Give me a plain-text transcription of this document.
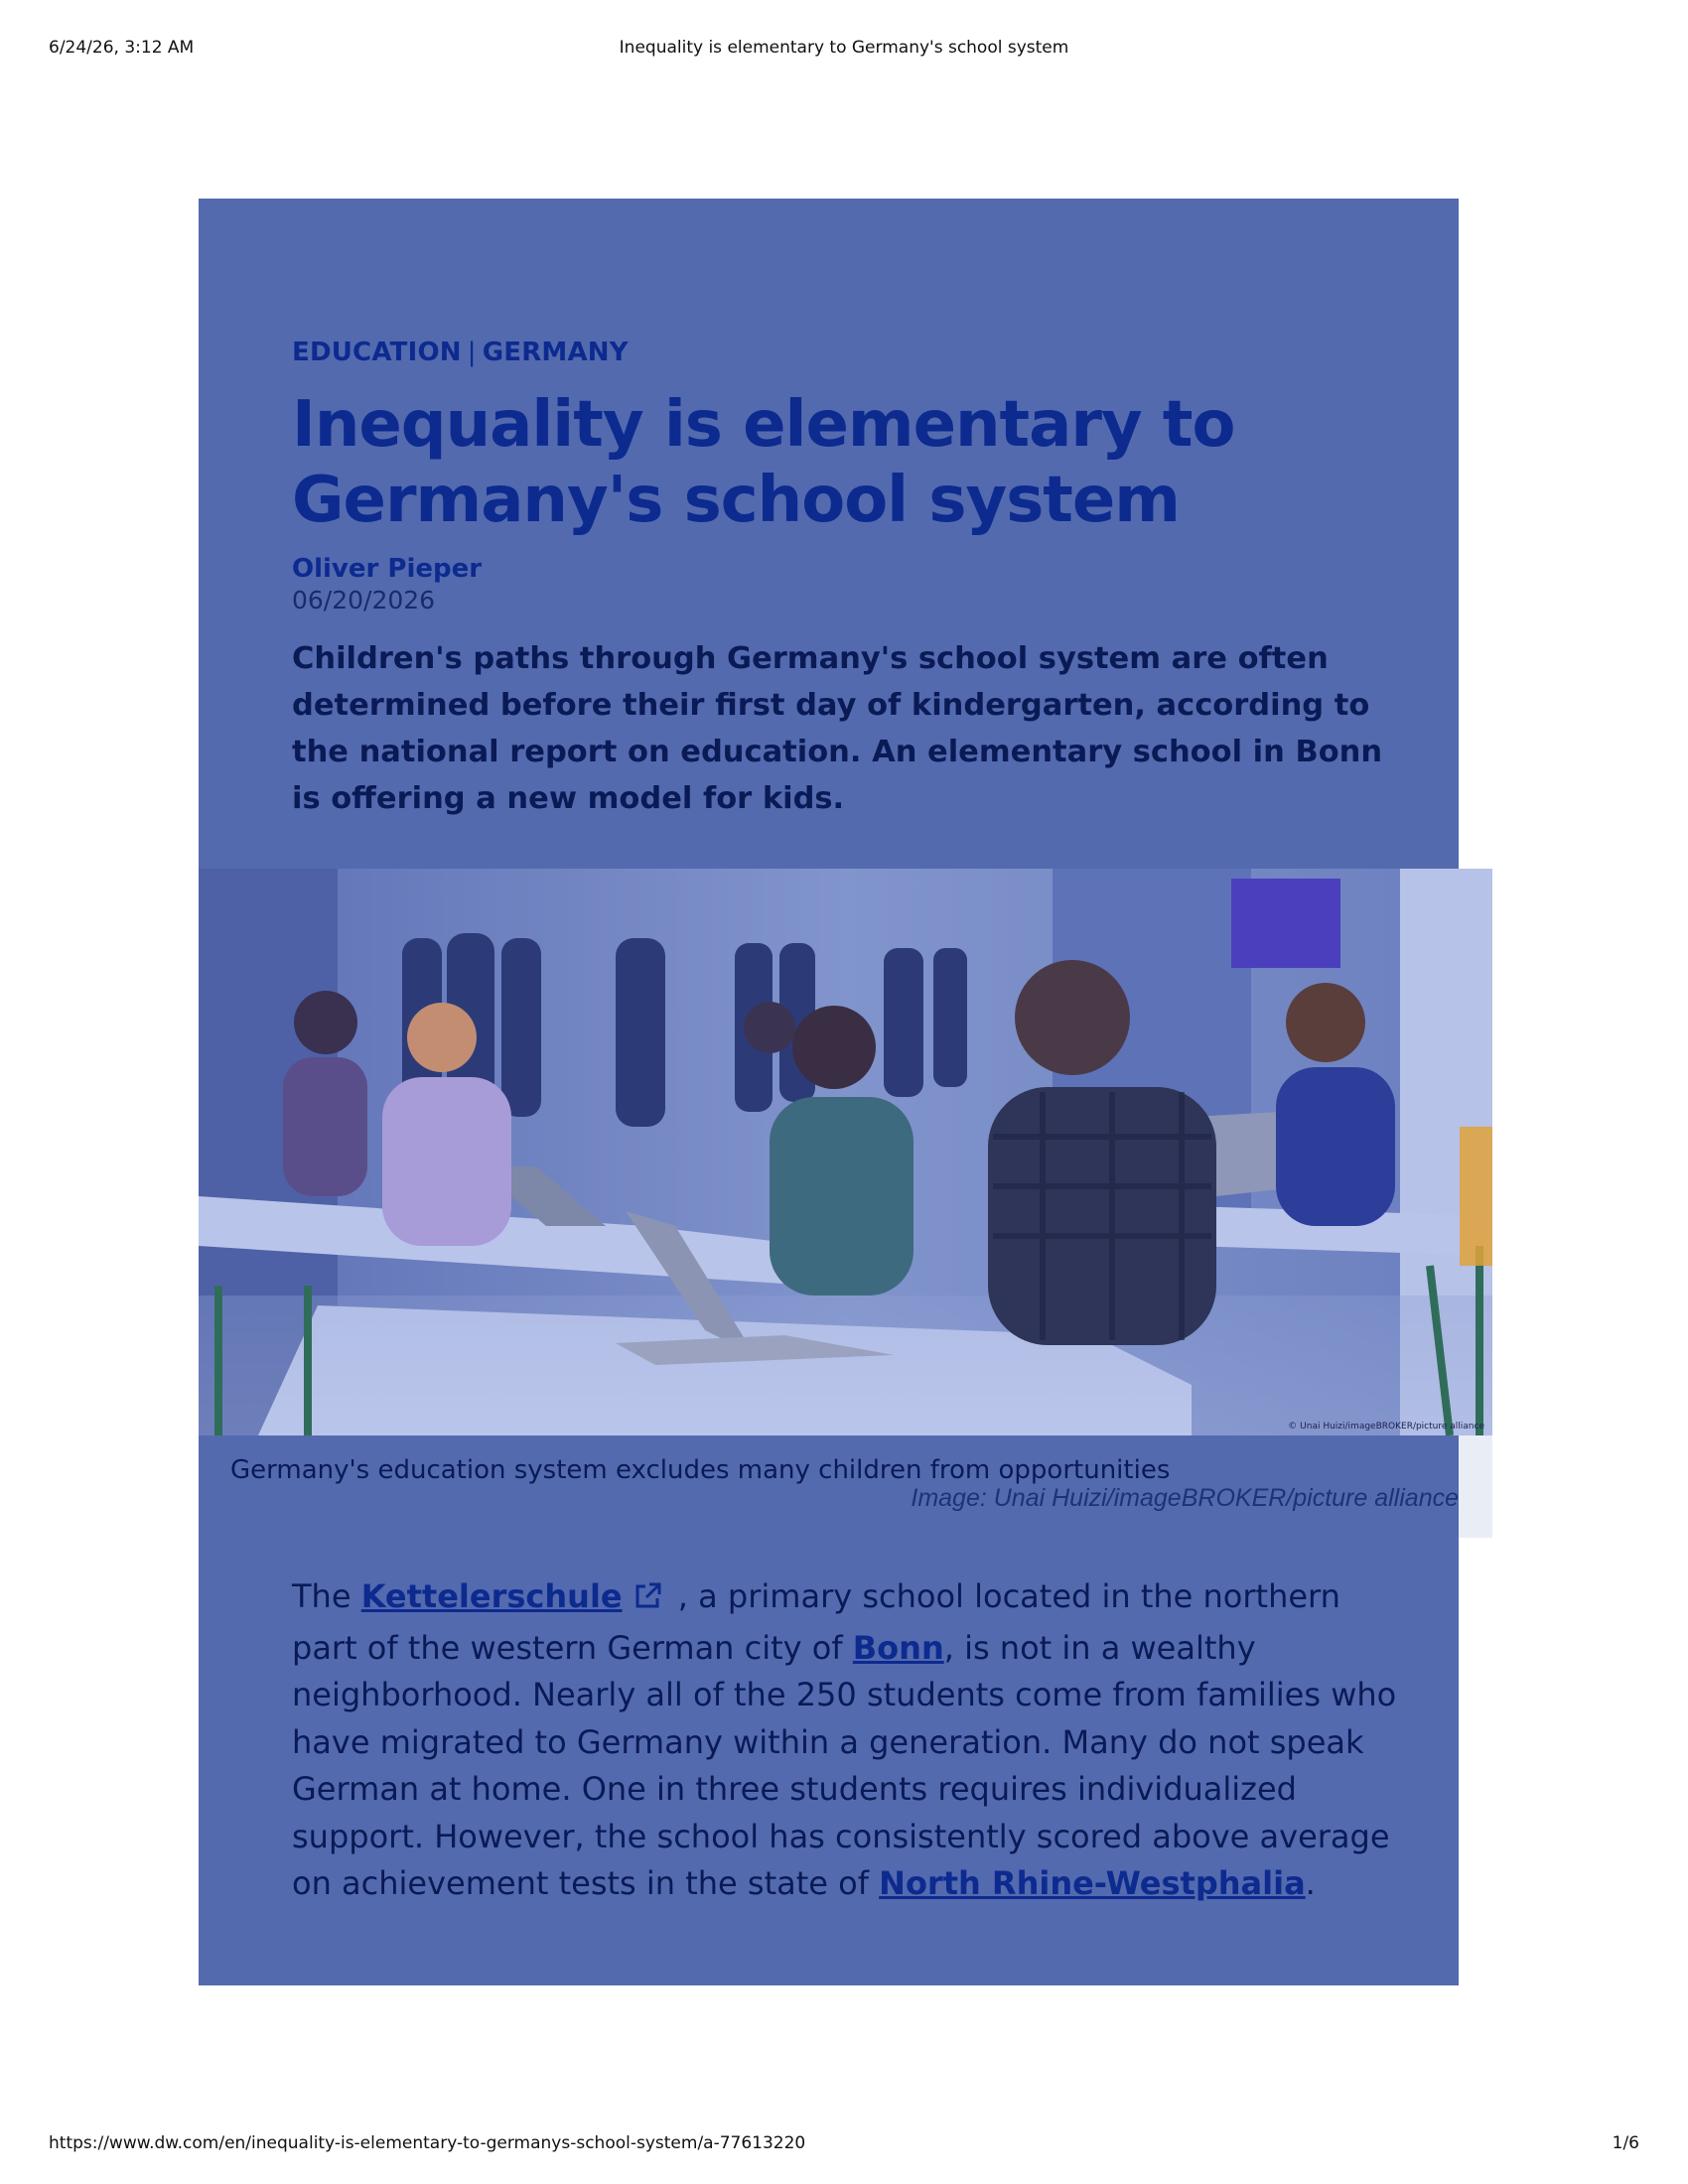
6/24/26, 3:12 AM	Inequality is elementary to Germany's school system
EDUCATION | GERMANY
Inequality is elementary to Germany's school system
Oliver Pieper
06/20/2026

Children's paths through Germany's school system are often determined before their first day of kindergarten, according to the national report on education. An elementary school in Bonn is offering a new model for kids.

© Unai Huizi/imageBROKER/picture alliance
Germany's education system excludes many children from opportunities
Image: Unai Huizi/imageBROKER/picture alliance

The Kettelerschule , a primary school located in the northern part of the western German city of Bonn, is not in a wealthy neighborhood. Nearly all of the 250 students come from families who have migrated to Germany within a generation. Many do not speak German at home. One in three students requires individualized support. However, the school has consistently scored above average on achievement tests in the state of North Rhine-Westphalia.

https://www.dw.com/en/inequality-is-elementary-to-germanys-school-system/a-77613220	1/6
